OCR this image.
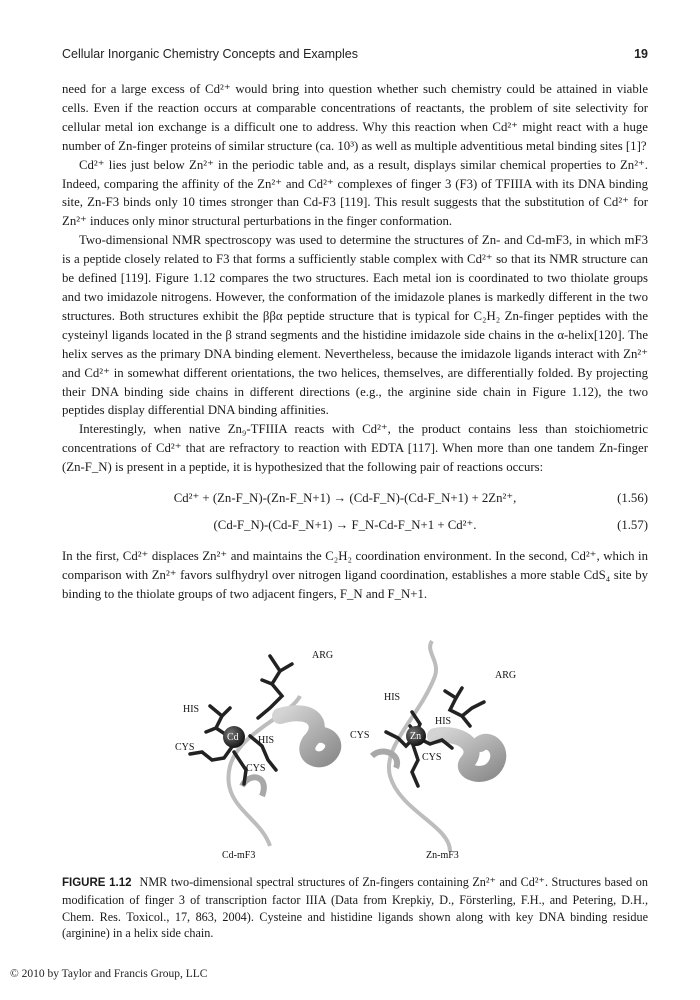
Cellular Inorganic Chemistry Concepts and Examples	19

need for a large excess of Cd²⁺ would bring into question whether such chemistry could be attained in viable cells. Even if the reaction occurs at comparable concentrations of reactants, the problem of site selectivity for cellular metal ion exchange is a difficult one to address. Why this reaction when Cd²⁺ might react with a huge number of Zn-finger proteins of similar structure (ca. 10³) as well as multiple adventitious metal binding sites [1]?

Cd²⁺ lies just below Zn²⁺ in the periodic table and, as a result, displays similar chemical properties to Zn²⁺. Indeed, comparing the affinity of the Zn²⁺ and Cd²⁺ complexes of finger 3 (F3) of TFIIIA with its DNA binding site, Zn-F3 binds only 10 times stronger than Cd-F3 [119]. This result suggests that the substitution of Cd²⁺ for Zn²⁺ induces only minor structural perturbations in the finger conformation.

Two-dimensional NMR spectroscopy was used to determine the structures of Zn- and Cd-mF3, in which mF3 is a peptide closely related to F3 that forms a sufficiently stable complex with Cd²⁺ so that its NMR structure can be defined [119]. Figure 1.12 compares the two structures. Each metal ion is coordinated to two thiolate groups and two imidazole nitrogens. However, the conformation of the imidazole planes is markedly different in the two structures. Both structures exhibit the ββα peptide structure that is typical for C₂H₂ Zn-finger peptides with the cysteinyl ligands located in the β strand segments and the histidine imidazole side chains in the α-helix[120]. The helix serves as the primary DNA binding element. Nevertheless, because the imidazole ligands interact with Zn²⁺ and Cd²⁺ in somewhat different orientations, the two helices, themselves, are differentially folded. By projecting their DNA binding side chains in different directions (e.g., the arginine side chain in Figure 1.12), the two peptides display differential DNA binding affinities.

Interestingly, when native Zn₉-TFIIIA reacts with Cd²⁺, the product contains less than stoichiometric concentrations of Cd²⁺ that are refractory to reaction with EDTA [117]. When more than one tandem Zn-finger (Zn-F_N) is present in a peptide, it is hypothesized that the following pair of reactions occurs:

Cd²⁺ + (Zn-F_N)-(Zn-F_N+1) → (Cd-F_N)-(Cd-F_N+1) + 2Zn²⁺,	(1.56)
(Cd-F_N)-(Cd-F_N+1) → F_N-Cd-F_N+1 + Cd²⁺.	(1.57)

In the first, Cd²⁺ displaces Zn²⁺ and maintains the C₂H₂ coordination environment. In the second, Cd²⁺, which in comparison with Zn²⁺ favors sulfhydryl over nitrogen ligand coordination, establishes a more stable CdS₄ site by binding to the thiolate groups of two adjacent fingers, F_N and F_N+1.

Cd
ARG
HIS
HIS
CYS
CYS
Cd-mF3
Zn
ARG
HIS
HIS
CYS
CYS
Zn-mF3
FIGURE 1.12 NMR two-dimensional spectral structures of Zn-fingers containing Zn²⁺ and Cd²⁺. Structures based on modification of finger 3 of transcription factor IIIA (Data from Krepkiy, D., Försterling, F.H., and Petering, D.H., Chem. Res. Toxicol., 17, 863, 2004). Cysteine and histidine ligands shown along with key DNA binding residue (arginine) in a helix side chain.
© 2010 by Taylor and Francis Group, LLC
